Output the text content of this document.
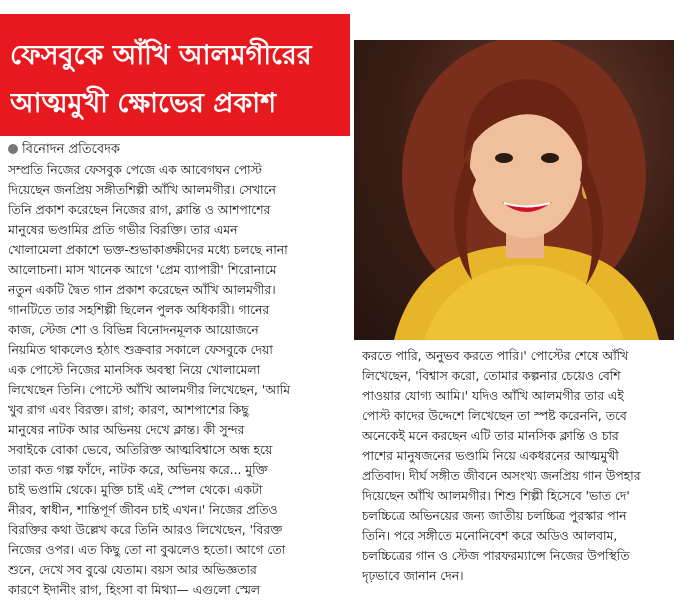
ফেসবুকে আঁখি আলমগীরের
আত্মমুখী ক্ষোভের প্রকাশ
বিনোদন প্রতিবেদক
সম্প্রতি নিজের ফেসবুক পেজে এক আবেগঘন পোস্ট
দিয়েছেন জনপ্রিয় সঙ্গীতশিল্পী আঁখি আলমগীর। সেখানে
তিনি প্রকাশ করেছেন নিজের রাগ, ক্লান্তি ও আশপাশের
মানুষের ভণ্ডামির প্রতি গভীর বিরক্তি। তার এমন
খোলামেলা প্রকাশে ভক্ত-শুভাকাঙ্ক্ষীদের মধ্যে চলছে নানা
আলোচনা। মাস খানেক আগে 'প্রেম ব্যাপারী' শিরোনামে
নতুন একটি দ্বৈত গান প্রকাশ করেছেন আঁখি আলমগীর।
গানটিতে তার সহশিল্পী ছিলেন পুলক অধিকারী। গানের
কাজ, স্টেজ শো ও বিভিন্ন বিনোদনমূলক আয়োজনে
নিয়মিত থাকলেও হঠাৎ শুক্রবার সকালে ফেসবুকে দেয়া
এক পোস্টে নিজের মানসিক অবস্থা নিয়ে খোলামেলা
লিখেছেন তিনি। পোস্টে আঁখি আলমগীর লিখেছেন, 'আমি
খুব রাগ এবং বিরক্ত। রাগ; কারণ, আশপাশের কিছু
মানুষের নাটক আর অভিনয় দেখে ক্লান্ত। কী সুন্দর
সবাইকে বোকা ভেবে, অতিরিক্ত আত্মবিশ্বাসে অন্ধ হয়ে
তারা কত গল্প ফাঁদে, নাটক করে, অভিনয় করে... মুক্তি
চাই ভণ্ডামি থেকে। মুক্তি চাই এই স্পেল থেকে। একটা
নীরব, স্বাধীন, শান্তিপূর্ণ জীবন চাই এখন।' নিজের প্রতিও
বিরক্তির কথা উল্লেখ করে তিনি আরও লিখেছেন, 'বিরক্ত
নিজের ওপর। এত কিছু তো না বুঝলেও হতো। আগে তো
শুনে, দেখে সব বুঝে যেতাম। বয়স আর অভিজ্ঞতার
কারণে ইদানীং রাগ, হিংসা বা মিথ্যা— এগুলো স্মেল
করতে পারি, অনুভব করতে পারি।' পোস্টের শেষে আঁখি
লিখেছেন, 'বিশ্বাস করো, তোমার কল্পনার চেয়েও বেশি
পাওয়ার যোগ্য আমি।' যদিও আঁখি আলমগীর তার এই
পোস্ট কাদের উদ্দেশে লিখেছেন তা স্পষ্ট করেননি, তবে
অনেকেই মনে করছেন এটি তার মানসিক ক্লান্তি ও চার
পাশের মানুষজনের ভণ্ডামি নিয়ে একধরনের আত্মমুখী
প্রতিবাদ। দীর্ঘ সঙ্গীত জীবনে অসংখ্য জনপ্রিয় গান উপহার
দিয়েছেন আঁখি আলমগীর। শিশু শিল্পী হিসেবে 'ভাত দে'
চলচ্চিত্রে অভিনয়ের জন্য জাতীয় চলচ্চিত্র পুরস্কার পান
তিনি। পরে সঙ্গীতে মনোনিবেশ করে অডিও আলবাম,
চলচ্চিত্রের গান ও স্টেজ পারফরম্যান্সে নিজের উপস্থিতি
দৃঢ়ভাবে জানান দেন।
